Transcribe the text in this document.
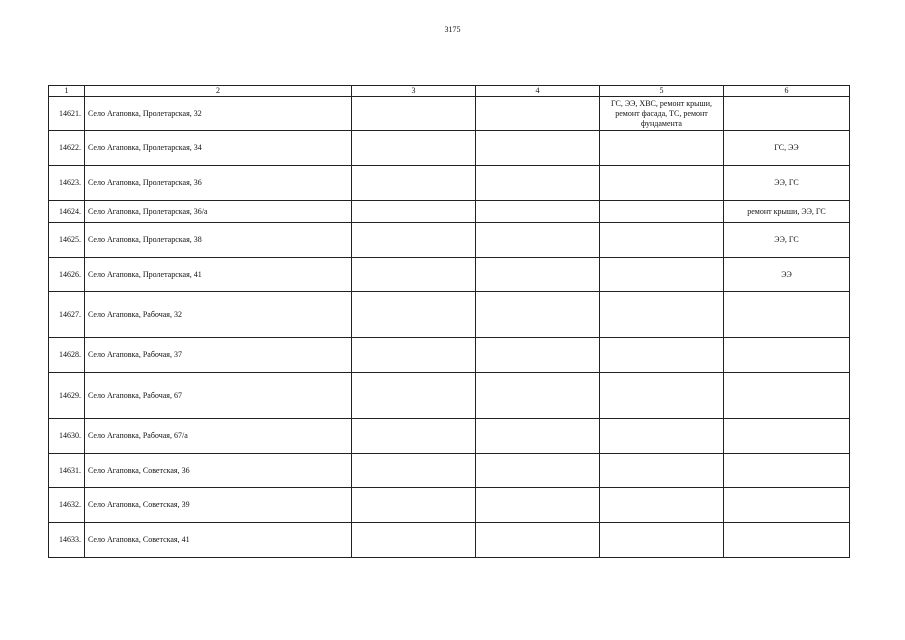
3175
1	2	3	4	5	6
14621.	Село Агаповка, Пролетарская, 32			ГС, ЭЭ, ХВС, ремонт крыши, ремонт фасада, ТС, ремонт фундамента	
14622.	Село Агаповка, Пролетарская, 34				ГС, ЭЭ
14623.	Село Агаповка, Пролетарская, 36				ЭЭ, ГС
14624.	Село Агаповка, Пролетарская, 36/а				ремонт крыши, ЭЭ, ГС
14625.	Село Агаповка, Пролетарская, 38				ЭЭ, ГС
14626.	Село Агаповка, Пролетарская, 41				ЭЭ
14627.	Село Агаповка, Рабочая, 32				
14628.	Село Агаповка, Рабочая, 37				
14629.	Село Агаповка, Рабочая, 67				
14630.	Село Агаповка, Рабочая, 67/а				
14631.	Село Агаповка, Советская, 36				
14632.	Село Агаповка, Советская, 39				
14633.	Село Агаповка, Советская, 41				
